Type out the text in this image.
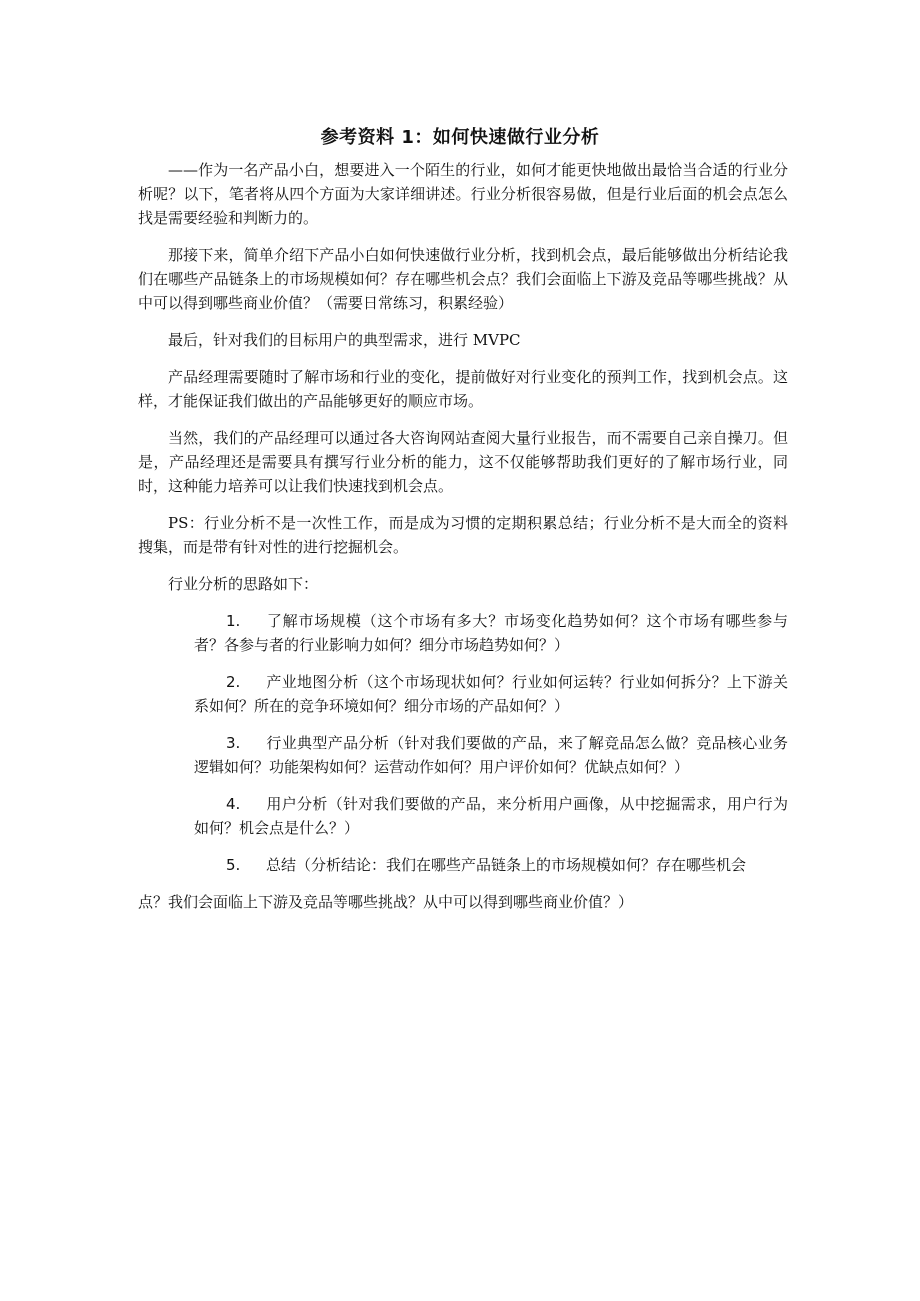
参考资料 1：如何快速做行业分析

——作为一名产品小白，想要进入一个陌生的行业，如何才能更快地做出最恰当合适的行业分析呢？以下，笔者将从四个方面为大家详细讲述。行业分析很容易做，但是行业后面的机会点怎么找是需要经验和判断力的。

那接下来，简单介绍下产品小白如何快速做行业分析，找到机会点，最后能够做出分析结论我们在哪些产品链条上的市场规模如何？存在哪些机会点？我们会面临上下游及竞品等哪些挑战？从中可以得到哪些商业价值？（需要日常练习，积累经验）

最后，针对我们的目标用户的典型需求，进行 MVPC

产品经理需要随时了解市场和行业的变化，提前做好对行业变化的预判工作，找到机会点。这样，才能保证我们做出的产品能够更好的顺应市场。

当然，我们的产品经理可以通过各大咨询网站查阅大量行业报告，而不需要自己亲自操刀。但是，产品经理还是需要具有撰写行业分析的能力，这不仅能够帮助我们更好的了解市场行业，同时，这种能力培养可以让我们快速找到机会点。

PS：行业分析不是一次性工作，而是成为习惯的定期积累总结；行业分析不是大而全的资料搜集，而是带有针对性的进行挖掘机会。

行业分析的思路如下：

1. 了解市场规模（这个市场有多大？市场变化趋势如何？这个市场有哪些参与者？各参与者的行业影响力如何？细分市场趋势如何？）
2. 产业地图分析（这个市场现状如何？行业如何运转？行业如何拆分？上下游关系如何？所在的竞争环境如何？细分市场的产品如何？）
3. 行业典型产品分析（针对我们要做的产品，来了解竞品怎么做？竞品核心业务逻辑如何？功能架构如何？运营动作如何？用户评价如何？优缺点如何？）
4. 用户分析（针对我们要做的产品，来分析用户画像，从中挖掘需求，用户行为如何？机会点是什么？）
5. 总结（分析结论：我们在哪些产品链条上的市场规模如何？存在哪些机会

点？我们会面临上下游及竞品等哪些挑战？从中可以得到哪些商业价值？）
